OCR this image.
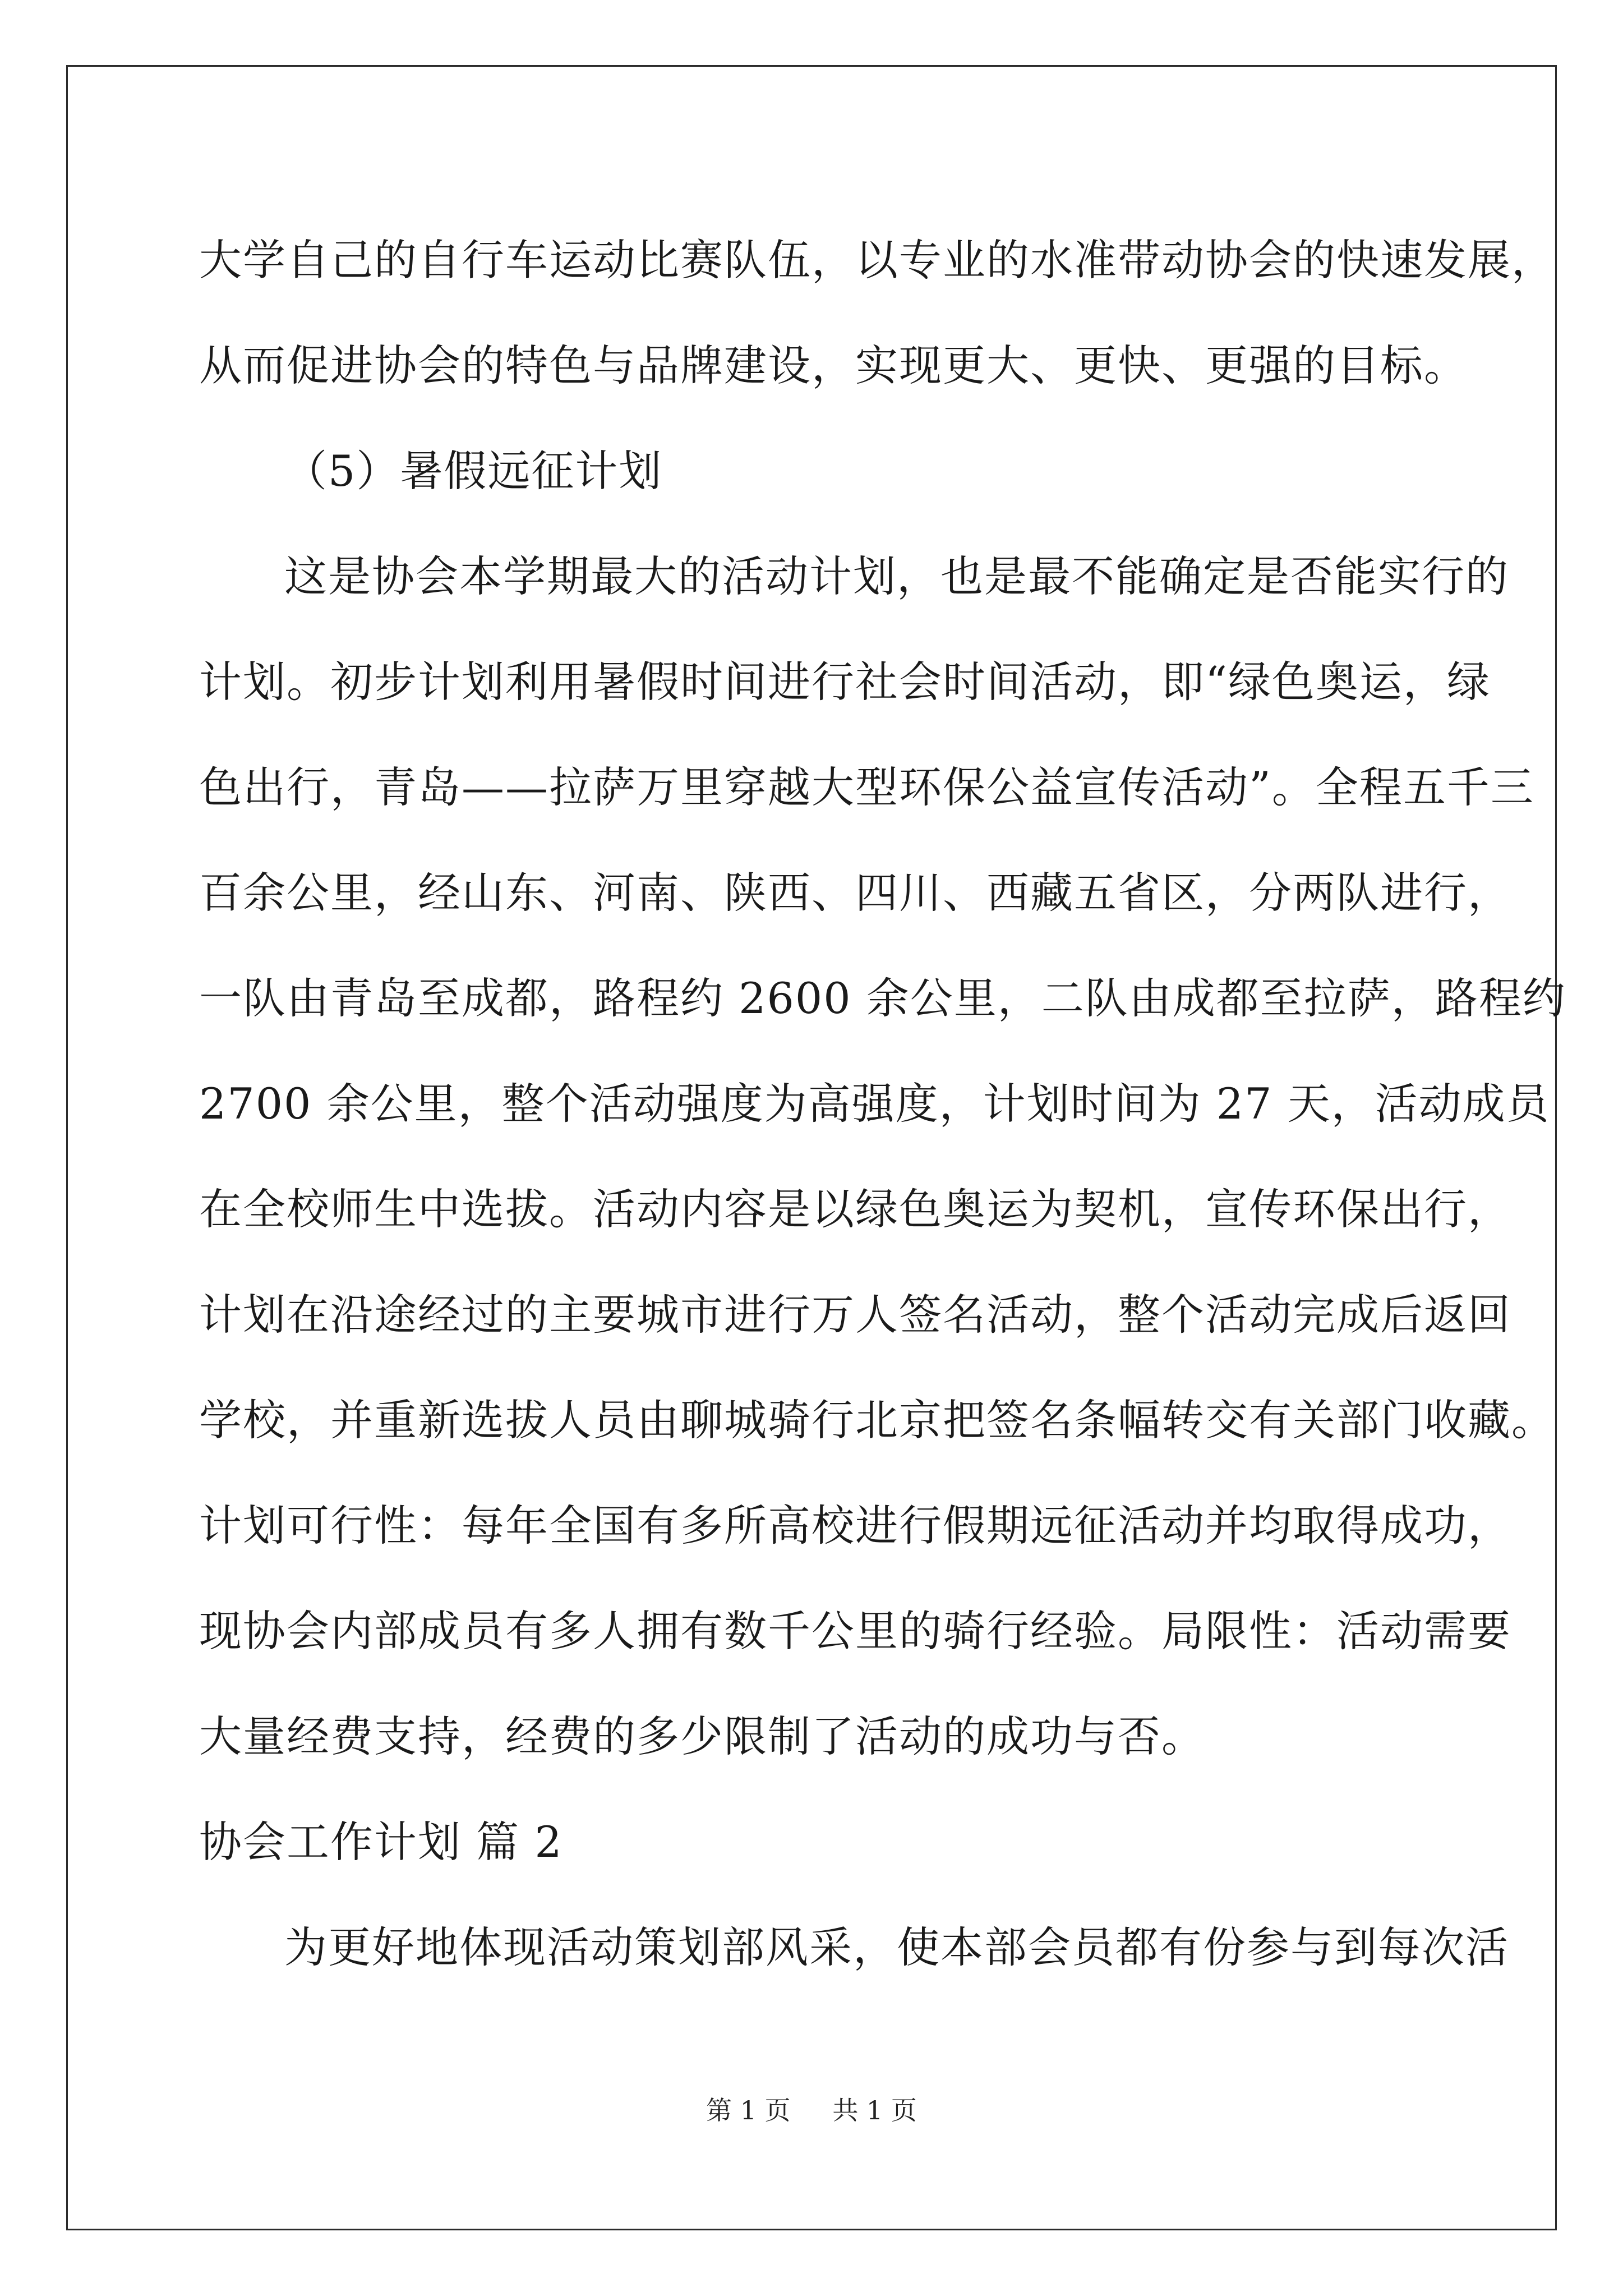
大学自己的自行车运动比赛队伍，以专业的水准带动协会的快速发展，
从而促进协会的特色与品牌建设，实现更大、更快、更强的目标。
（5）暑假远征计划
这是协会本学期最大的活动计划，也是最不能确定是否能实行的
计划。初步计划利用暑假时间进行社会时间活动，即“绿色奥运，绿
色出行，青岛——拉萨万里穿越大型环保公益宣传活动”。全程五千三
百余公里，经山东、河南、陕西、四川、西藏五省区，分两队进行，
一队由青岛至成都，路程约 2600 余公里，二队由成都至拉萨，路程约
2700 余公里，整个活动强度为高强度，计划时间为 27 天，活动成员
在全校师生中选拔。活动内容是以绿色奥运为契机，宣传环保出行，
计划在沿途经过的主要城市进行万人签名活动，整个活动完成后返回
学校，并重新选拔人员由聊城骑行北京把签名条幅转交有关部门收藏。
计划可行性：每年全国有多所高校进行假期远征活动并均取得成功，
现协会内部成员有多人拥有数千公里的骑行经验。局限性：活动需要
大量经费支持，经费的多少限制了活动的成功与否。
协会工作计划 篇 2
为更好地体现活动策划部风采，使本部会员都有份参与到每次活
第 1 页 共 1 页
